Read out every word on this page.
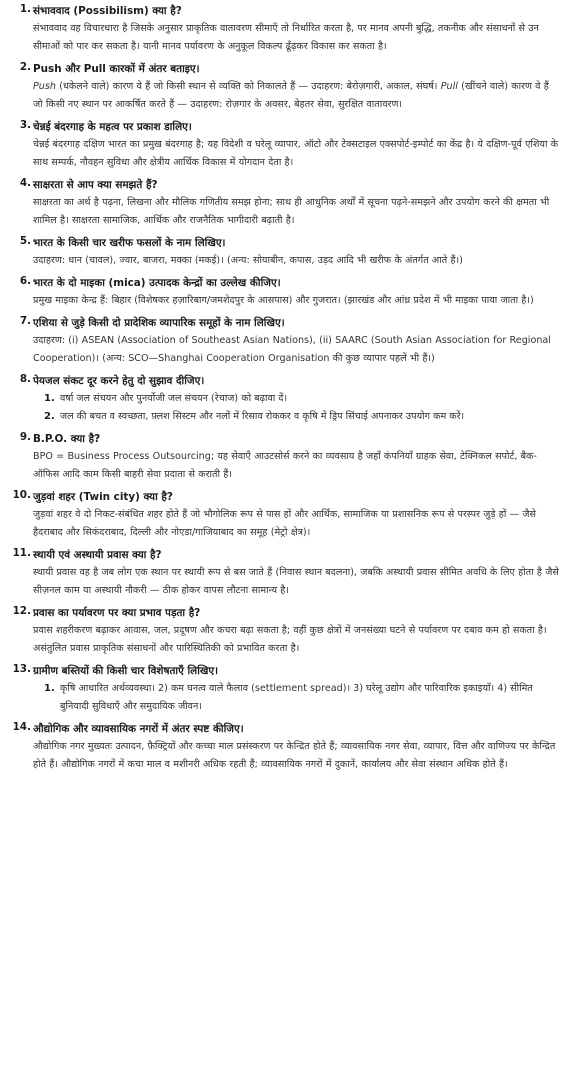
1. संभाववाद (Possibilism) क्या है?

संभाववाद वह विचारधारा है जिसके अनुसार प्राकृतिक वातावरण सीमाएँ तो निर्धारित करता है, पर मानव अपनी बुद्धि, तकनीक और संसाधनों से उन सीमाओं को पार कर सकता है। यानी मानव पर्यावरण के अनुकूल विकल्प ढूँढ़कर विकास कर सकता है।

2. Push और Pull कारकों में अंतर बताइए।

Push (धकेलने वाले) कारण वे हैं जो किसी स्थान से व्यक्ति को निकालते हैं — उदाहरण: बेरोज़गारी, अकाल, संघर्ष। Pull (खींचने वाले) कारण वे हैं जो किसी नए स्थान पर आकर्षित करते हैं — उदाहरण: रोज़गार के अवसर, बेहतर सेवा, सुरक्षित वातावरण।

3. चेन्नई बंदरगाह के महत्व पर प्रकाश डालिए।

चेन्नई बंदरगाह दक्षिण भारत का प्रमुख बंदरगाह है; यह विदेशी व घरेलू व्यापार, ऑटो और टेक्सटाइल एक्सपोर्ट-इम्पोर्ट का केंद्र है। ये दक्षिण-पूर्व एशिया के साथ सम्पर्क, नौवहन सुविधा और क्षेत्रीय आर्थिक विकास में योगदान देता है।

4. साक्षरता से आप क्या समझते हैं?

साक्षरता का अर्थ है पढ़ना, लिखना और मौलिक गणितीय समझ होना; साथ ही आधुनिक अर्थों में सूचना पढ़ने-समझने और उपयोग करने की क्षमता भी शामिल है। साक्षरता सामाजिक, आर्थिक और राजनैतिक भागीदारी बढ़ाती है।

5. भारत के किसी चार खरीफ फसलों के नाम लिखिए।

उदाहरण: धान (चावल), ज्वार, बाजरा, मक्का (मकई)। (अन्य: सोयाबीन, कपास, उड़द आदि भी खरीफ के अंतर्गत आते हैं।)

6. भारत के दो माइका (mica) उत्पादक केन्द्रों का उल्लेख कीजिए।

प्रमुख माइका केन्द्र हैं: बिहार (विशेषकर हज़ारिबाग/जमशेदपुर के आसपास) और गुजरात। (झारखंड और आंध्र प्रदेश में भी माइका पाया जाता है।)

7. एशिया से जुड़े किसी दो प्रादेशिक व्यापारिक समूहों के नाम लिखिए।

उदाहरण: (i) ASEAN (Association of Southeast Asian Nations), (ii) SAARC (South Asian Association for Regional Cooperation)। (अन्य: SCO—Shanghai Cooperation Organisation की कुछ व्यापार पहलें भी हैं।)

8. पेयजल संकट दूर करने हेतु दो सुझाव दीजिए।

1. वर्षा जल संचयन और पुनर्योजी जल संचयन (रेचाज) को बढ़ावा दें।
2. जल की बचत व स्वच्छता, फ़्लश सिस्टम और नलों में रिसाव रोककर व कृषि में ड्रिप सिंचाई अपनाकर उपयोग कम करें।
9. B.P.O. क्या है?

BPO = Business Process Outsourcing; यह सेवाएँ आउटसोर्स करने का व्यवसाय है जहाँ कंपनियाँ ग्राहक सेवा, टेक्निकल सपोर्ट, बैक-ऑफिस आदि काम किसी बाहरी सेवा प्रदाता से कराती हैं।

10. जुड़वां शहर (Twin city) क्या है?

जुड़वां शहर वे दो निकट-संबंधित शहर होते हैं जो भौगोलिक रूप से पास हों और आर्थिक, सामाजिक या प्रशासनिक रूप से परस्पर जुड़े हों — जैसे हैदराबाद और सिकंदराबाद, दिल्ली और नोएडा/गाजियाबाद का समूह (मेट्रो क्षेत्र)।

11. स्थायी एवं अस्थायी प्रवास क्या है?

स्थायी प्रवास वह है जब लोग एक स्थान पर स्थायी रूप से बस जाते हैं (निवास स्थान बदलना), जबकि अस्थायी प्रवास सीमित अवधि के लिए होता है जैसे सीज़नल काम या अस्थायी नौकरी — ठीक होकर वापस लौटना सामान्य है।

12. प्रवास का पर्यावरण पर क्या प्रभाव पड़ता है?

प्रवास शहरीकरण बढ़ाकर आवास, जल, प्रदूषण और कचरा बढ़ा सकता है; वहीं कुछ क्षेत्रों में जनसंख्या घटने से पर्यावरण पर दबाव कम हो सकता है। असंतुलित प्रवास प्राकृतिक संसाधनों और पारिस्थितिकी को प्रभावित करता है।

13. ग्रामीण बस्तियों की किसी चार विशेषताएँ लिखिए।

1. कृषि आधारित अर्थव्यवस्था। 2) कम घनत्व वाले फैलाव (settlement spread)। 3) घरेलू उद्योग और पारिवारिक इकाइयाँ। 4) सीमित बुनियादी सुविधाएँ और समुदायिक जीवन।
14. औद्योगिक और व्यावसायिक नगरों में अंतर स्पष्ट कीजिए।

औद्योगिक नगर मुख्यतः उत्पादन, फ़ैक्ट्रियों और कच्चा माल प्रसंस्करण पर केन्द्रित होते हैं; व्यावसायिक नगर सेवा, व्यापार, वित्त और वाणिज्य पर केन्द्रित होते हैं। औद्योगिक नगरों में कचा माल व मशीनरी अधिक रहती हैं; व्यावसायिक नगरों में दुकानें, कार्यालय और सेवा संस्थान अधिक होते हैं।
